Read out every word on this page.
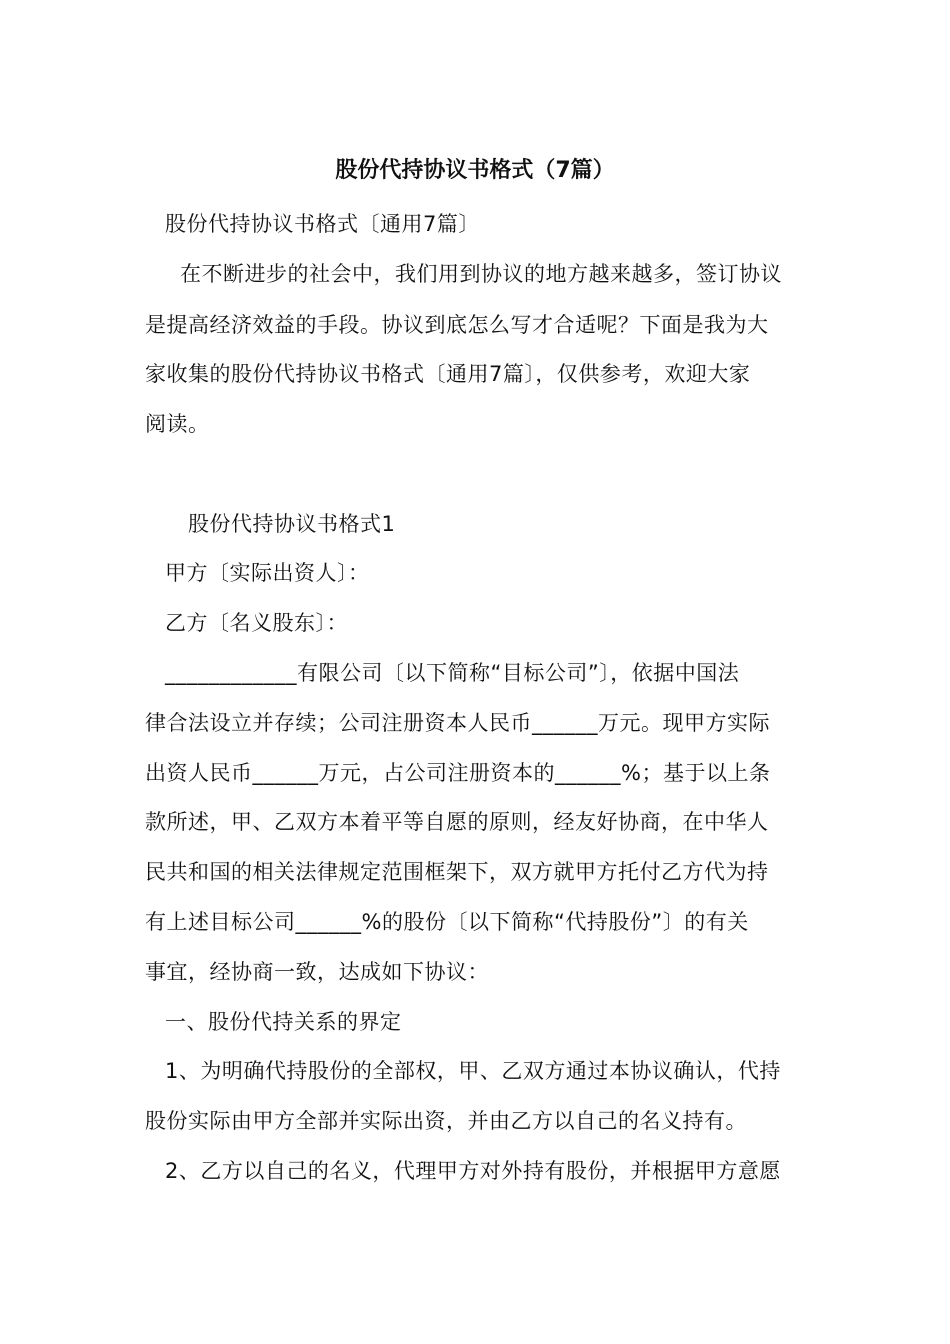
股份代持协议书格式（7篇）
股份代持协议书格式〔通用7篇〕
在不断进步的社会中，我们用到协议的地方越来越多，签订协议
是提高经济效益的手段。协议到底怎么写才合适呢？下面是我为大
家收集的股份代持协议书格式〔通用7篇〕，仅供参考，欢迎大家
阅读。
股份代持协议书格式1
甲方〔实际出资人〕：
乙方〔名义股东〕：
____________有限公司〔以下简称“目标公司”〕，依据中国法
律合法设立并存续；公司注册资本人民币______万元。现甲方实际
出资人民币______万元，占公司注册资本的______%；基于以上条
款所述，甲、乙双方本着平等自愿的原则，经友好协商，在中华人
民共和国的相关法律规定范围框架下，双方就甲方托付乙方代为持
有上述目标公司______%的股份〔以下简称“代持股份”〕的有关
事宜，经协商一致，达成如下协议：
一、股份代持关系的界定
1、为明确代持股份的全部权，甲、乙双方通过本协议确认，代持
股份实际由甲方全部并实际出资，并由乙方以自己的名义持有。
2、乙方以自己的名义，代理甲方对外持有股份，并根据甲方意愿
